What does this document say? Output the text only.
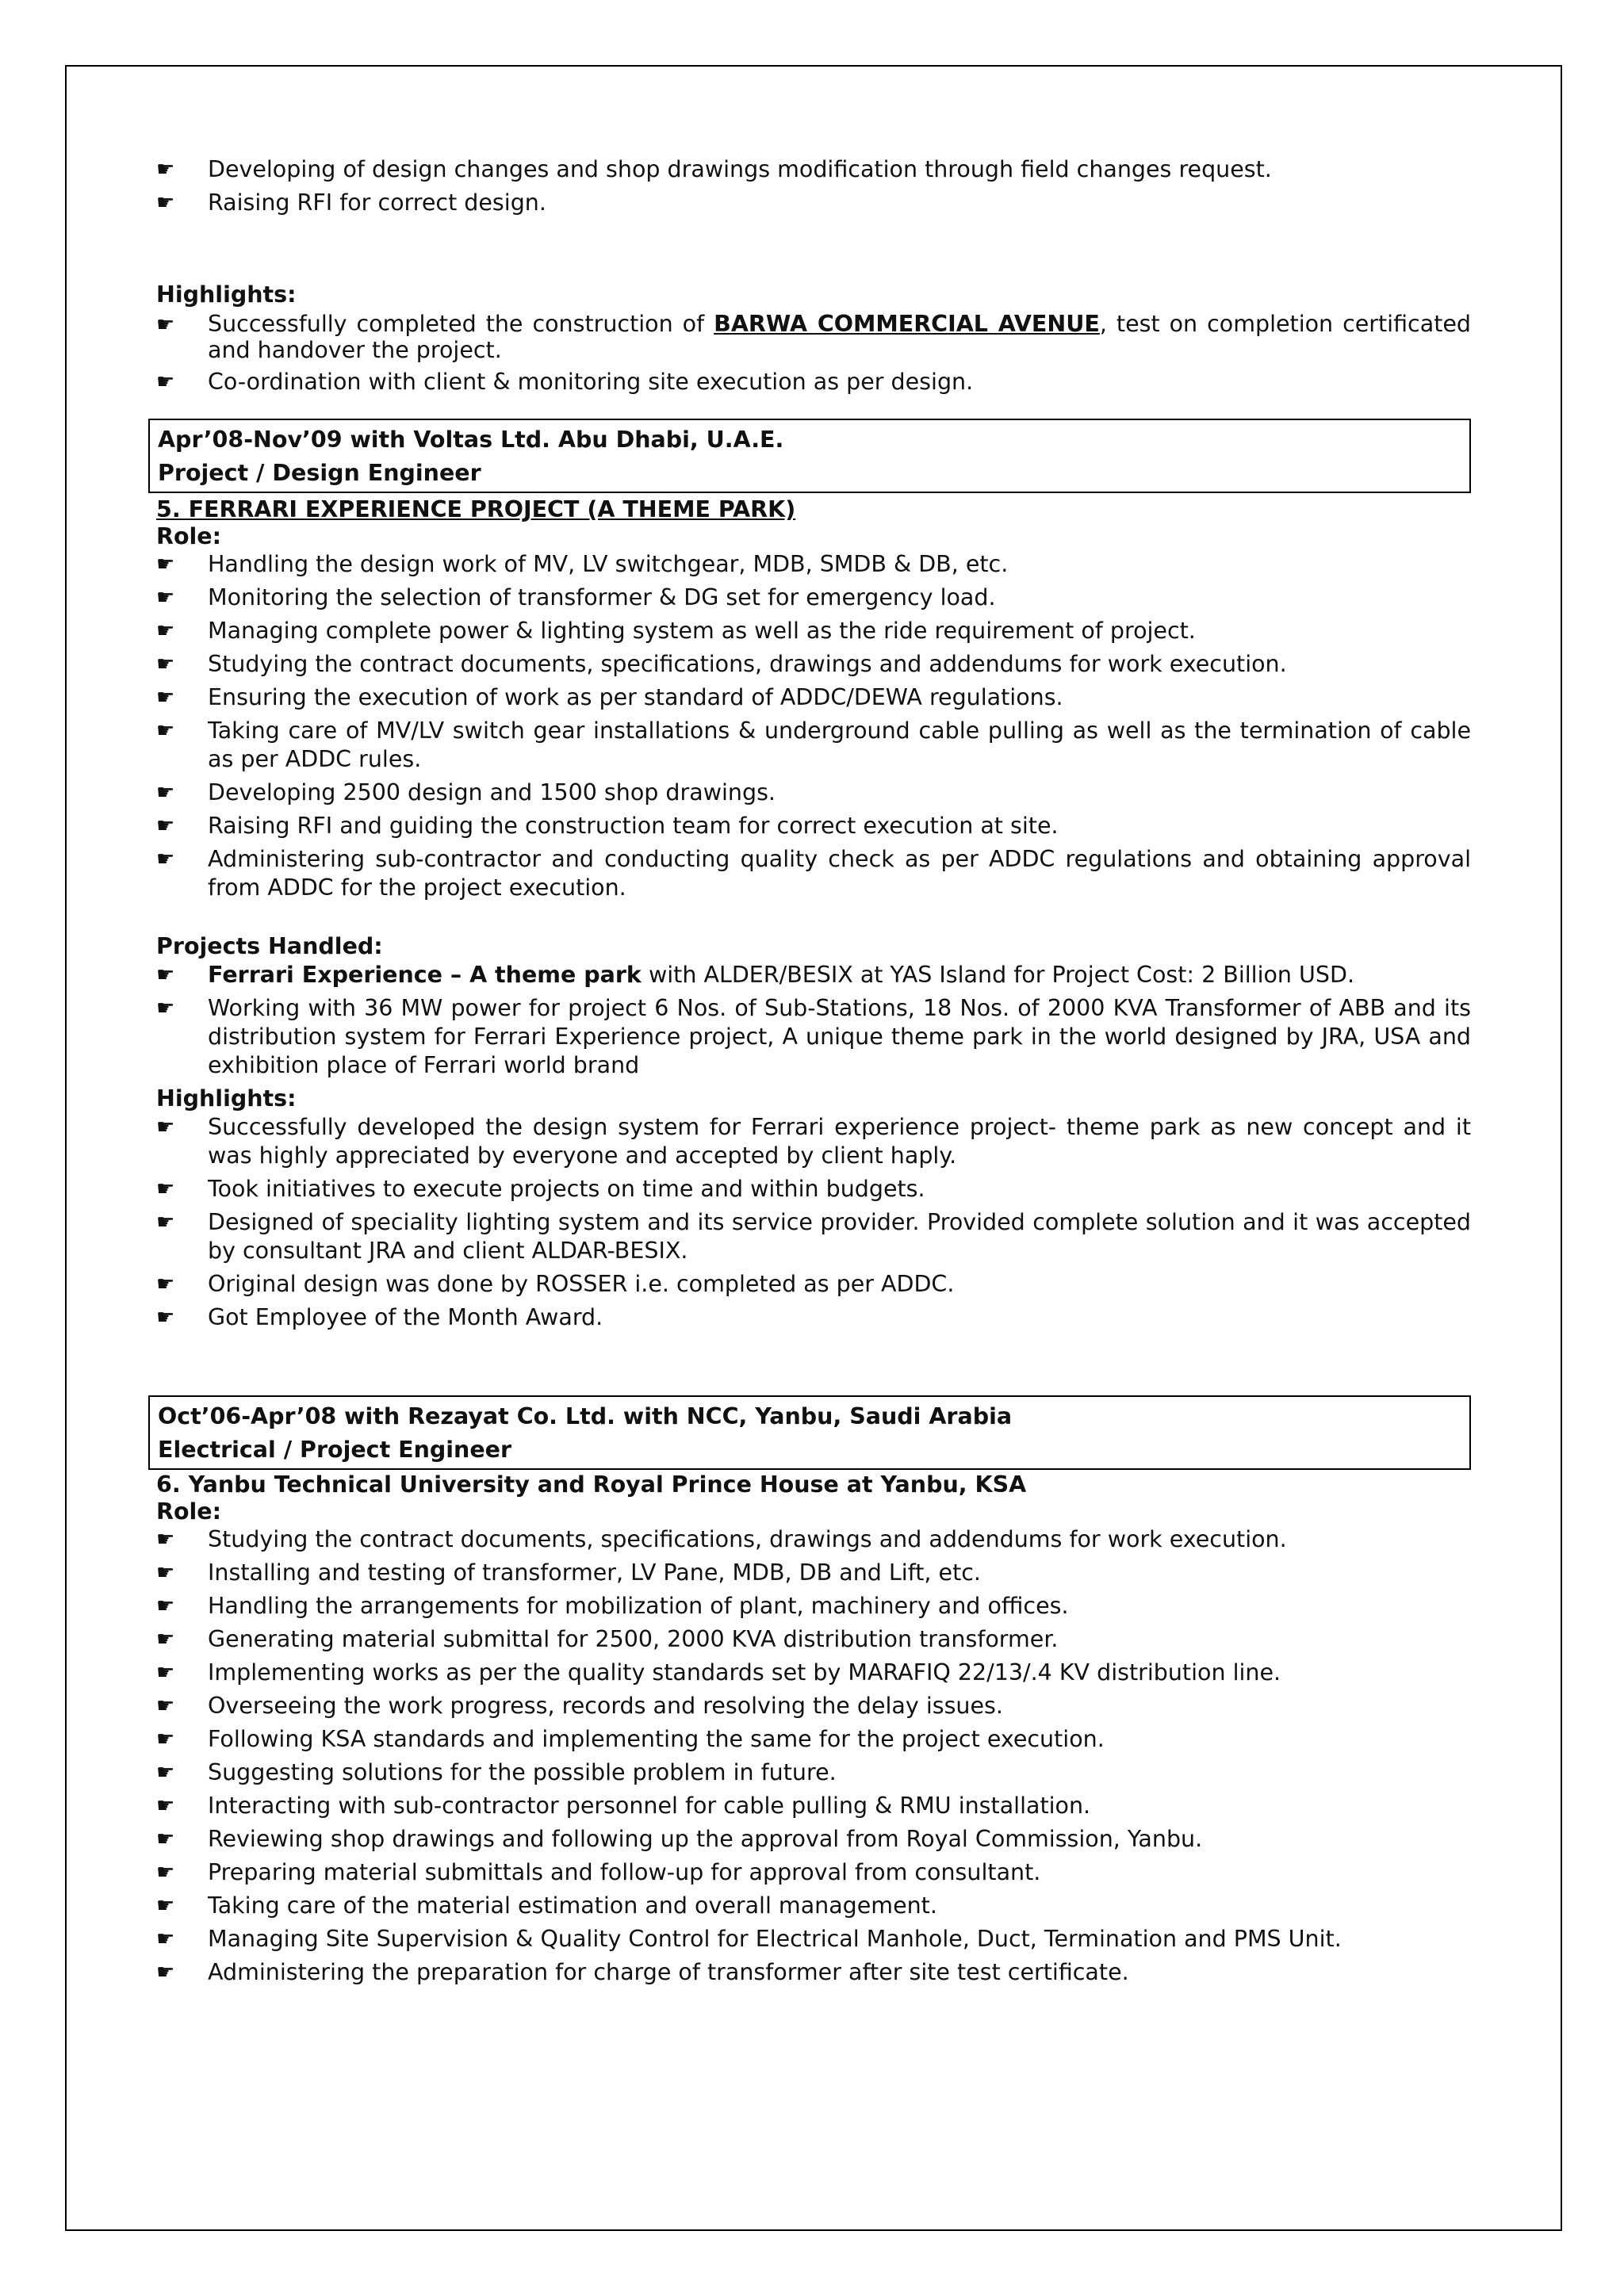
☛ Developing of design changes and shop drawings modification through field changes request.
☛ Raising RFI for correct design.

Highlights:

☛ Successfully completed the construction of BARWA COMMERCIAL AVENUE, test on completion certificated and handover the project.
☛ Co-ordination with client & monitoring site execution as per design.
Apr’08-Nov’09 with Voltas Ltd. Abu Dhabi, U.A.E.
Project / Design Engineer

5. FERRARI EXPERIENCE PROJECT (A THEME PARK)

Role:

☛ Handling the design work of MV, LV switchgear, MDB, SMDB & DB, etc.
☛ Monitoring the selection of transformer & DG set for emergency load.
☛ Managing complete power & lighting system as well as the ride requirement of project.
☛ Studying the contract documents, specifications, drawings and addendums for work execution.
☛ Ensuring the execution of work as per standard of ADDC/DEWA regulations.
☛ Taking care of MV/LV switch gear installations & underground cable pulling as well as the termination of cable as per ADDC rules.
☛ Developing 2500 design and 1500 shop drawings.
☛ Raising RFI and guiding the construction team for correct execution at site.
☛ Administering sub-contractor and conducting quality check as per ADDC regulations and obtaining approval from ADDC for the project execution.

Projects Handled:

☛ Ferrari Experience – A theme park with ALDER/BESIX at YAS Island for Project Cost: 2 Billion USD.
☛ Working with 36 MW power for project 6 Nos. of Sub-Stations, 18 Nos. of 2000 KVA Transformer of ABB and its distribution system for Ferrari Experience project, A unique theme park in the world designed by JRA, USA and exhibition place of Ferrari world brand

Highlights:

☛ Successfully developed the design system for Ferrari experience project- theme park as new concept and it was highly appreciated by everyone and accepted by client haply.
☛ Took initiatives to execute projects on time and within budgets.
☛ Designed of speciality lighting system and its service provider. Provided complete solution and it was accepted by consultant JRA and client ALDAR-BESIX.
☛ Original design was done by ROSSER i.e. completed as per ADDC.
☛ Got Employee of the Month Award.
Oct’06-Apr’08 with Rezayat Co. Ltd. with NCC, Yanbu, Saudi Arabia
Electrical / Project Engineer

6. Yanbu Technical University and Royal Prince House at Yanbu, KSA

Role:

☛ Studying the contract documents, specifications, drawings and addendums for work execution.
☛ Installing and testing of transformer, LV Pane, MDB, DB and Lift, etc.
☛ Handling the arrangements for mobilization of plant, machinery and offices.
☛ Generating material submittal for 2500, 2000 KVA distribution transformer.
☛ Implementing works as per the quality standards set by MARAFIQ 22/13/.4 KV distribution line.
☛ Overseeing the work progress, records and resolving the delay issues.
☛ Following KSA standards and implementing the same for the project execution.
☛ Suggesting solutions for the possible problem in future.
☛ Interacting with sub-contractor personnel for cable pulling & RMU installation.
☛ Reviewing shop drawings and following up the approval from Royal Commission, Yanbu.
☛ Preparing material submittals and follow-up for approval from consultant.
☛ Taking care of the material estimation and overall management.
☛ Managing Site Supervision & Quality Control for Electrical Manhole, Duct, Termination and PMS Unit.
☛ Administering the preparation for charge of transformer after site test certificate.
